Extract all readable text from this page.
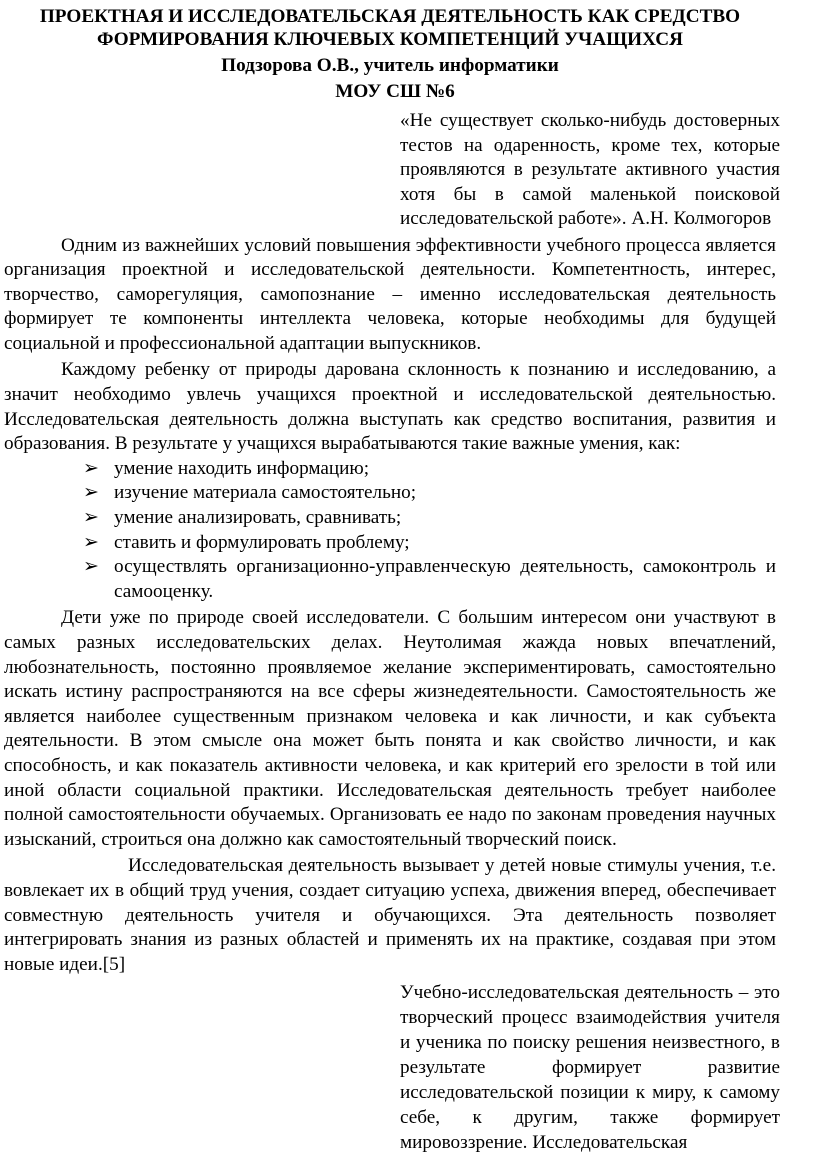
ПРОЕКТНАЯ И ИССЛЕДОВАТЕЛЬСКАЯ ДЕЯТЕЛЬНОСТЬ КАК СРЕДСТВО

ФОРМИРОВАНИЯ КЛЮЧЕВЫХ КОМПЕТЕНЦИЙ УЧАЩИХСЯ

Подзорова О.В., учитель информатики

МОУ СШ №6

«Не существует сколько-нибудь достоверных тестов на одаренность, кроме тех, которые проявляются в результате активного участия хотя бы в самой маленькой поисковой исследовательской работе». А.Н. Колмогоров

Одним из важнейших условий повышения эффективности учебного процесса является организация проектной и исследовательской деятельности. Компетентность, интерес, творчество, саморегуляция, самопознание – именно исследовательская деятельность формирует те компоненты интеллекта человека, которые необходимы для будущей социальной и профессиональной адаптации выпускников.

Каждому ребенку от природы дарована склонность к познанию и исследованию, а значит необходимо увлечь учащихся проектной и исследовательской деятельностью. Исследовательская деятельность должна выступать как средство воспитания, развития и образования. В результате у учащихся вырабатываются такие важные умения, как:

➢ умение находить информацию;
➢ изучение материала самостоятельно;
➢ умение анализировать, сравнивать;
➢ ставить и формулировать проблему;
➢ осуществлять организационно-управленческую деятельность, самоконтроль и самооценку.

Дети уже по природе своей исследователи. С большим интересом они участвуют в самых разных исследовательских делах. Неутолимая жажда новых впечатлений, любознательность, постоянно проявляемое желание экспериментировать, самостоятельно искать истину распространяются на все сферы жизнедеятельности. Самостоятельность же является наиболее существенным признаком человека и как личности, и как субъекта деятельности. В этом смысле она может быть понята и как свойство личности, и как способность, и как показатель активности человека, и как критерий его зрелости в той или иной области социальной практики. Исследовательская деятельность требует наиболее полной самостоятельности обучаемых. Организовать ее надо по законам проведения научных изысканий, строиться она должно как самостоятельный творческий поиск.

Исследовательская деятельность вызывает у детей новые стимулы учения, т.е. вовлекает их в общий труд учения, создает ситуацию успеха, движения вперед, обеспечивает совместную деятельность учителя и обучающихся. Эта деятельность позволяет интегрировать знания из разных областей и применять их на практике, создавая при этом новые идеи.[5]

Учебно-исследовательская деятельность – это творческий процесс взаимодействия учителя и ученика по поиску решения неизвестного, в результате формирует развитие исследовательской позиции к миру, к самому себе, к другим, также формирует мировоззрение. Исследовательская
